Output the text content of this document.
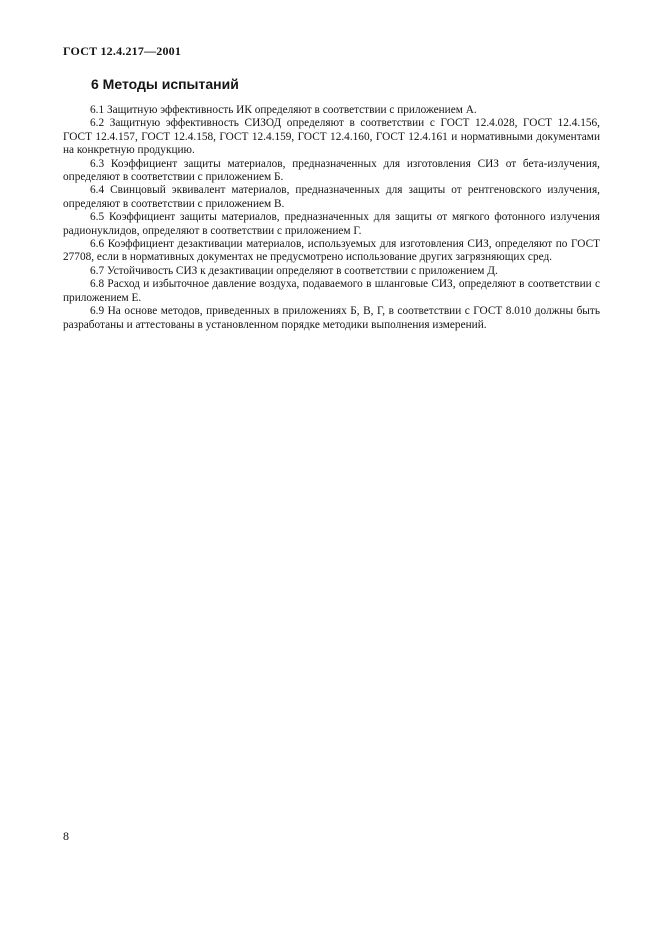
ГОСТ 12.4.217—2001
6 Методы испытаний

6.1 Защитную эффективность ИК определяют в соответствии с приложением А.

6.2 Защитную эффективность СИЗОД определяют в соответствии с ГОСТ 12.4.028, ГОСТ 12.4.156, ГОСТ 12.4.157, ГОСТ 12.4.158, ГОСТ 12.4.159, ГОСТ 12.4.160, ГОСТ 12.4.161 и нормативными документами на конкретную продукцию.

6.3 Коэффициент защиты материалов, предназначенных для изготовления СИЗ от бета-излучения, определяют в соответствии с приложением Б.

6.4 Свинцовый эквивалент материалов, предназначенных для защиты от рентгеновского излучения, определяют в соответствии с приложением В.

6.5 Коэффициент защиты материалов, предназначенных для защиты от мягкого фотонного излучения радионуклидов, определяют в соответствии с приложением Г.

6.6 Коэффициент дезактивации материалов, используемых для изготовления СИЗ, определяют по ГОСТ 27708, если в нормативных документах не предусмотрено использование других загрязняющих сред.

6.7 Устойчивость СИЗ к дезактивации определяют в соответствии с приложением Д.

6.8 Расход и избыточное давление воздуха, подаваемого в шланговые СИЗ, определяют в соответствии с приложением Е.

6.9 На основе методов, приведенных в приложениях Б, В, Г, в соответствии с ГОСТ 8.010 должны быть разработаны и аттестованы в установленном порядке методики выполнения измерений.

8
